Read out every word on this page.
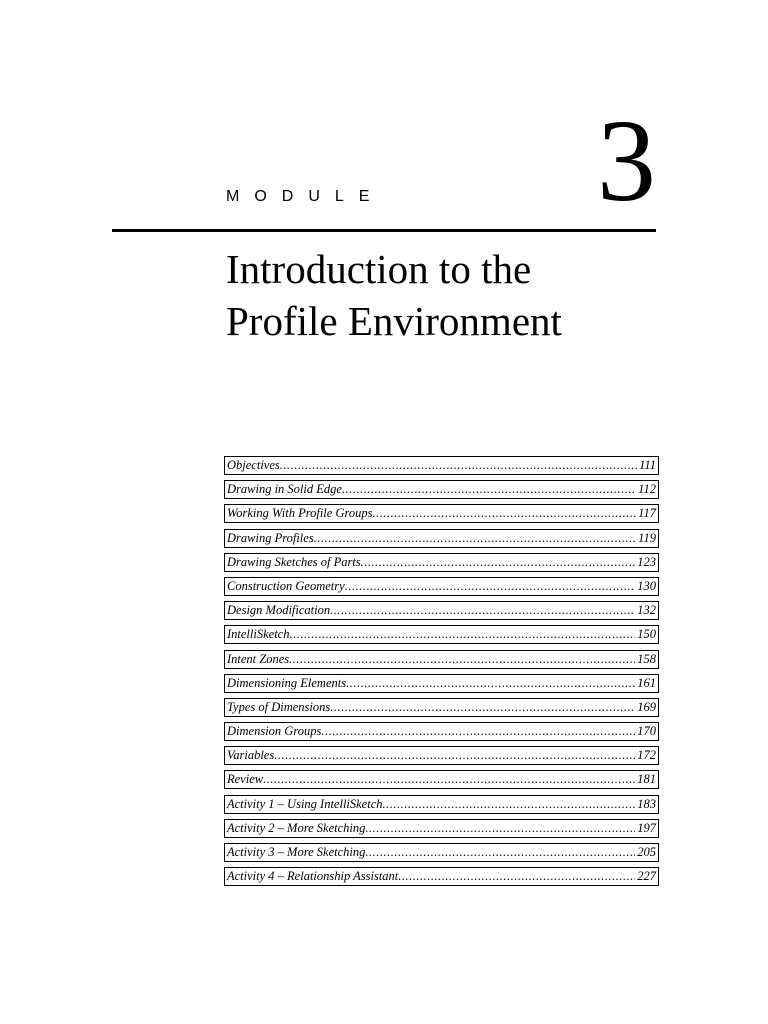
MODULE 3
Introduction to the
Profile Environment
Objectives .....	111
Drawing in Solid Edge .....	112
Working With Profile Groups .....	117
Drawing Profiles .....	119
Drawing Sketches of Parts .....	123
Construction Geometry .....	130
Design Modification .....	132
IntelliSketch .....	150
Intent Zones .....	158
Dimensioning Elements .....	161
Types of Dimensions .....	169
Dimension Groups .....	170
Variables .....	172
Review .....	181
Activity 1 – Using IntelliSketch .....	183
Activity 2 – More Sketching .....	197
Activity 3 – More Sketching .....	205
Activity 4 – Relationship Assistant .....	227
